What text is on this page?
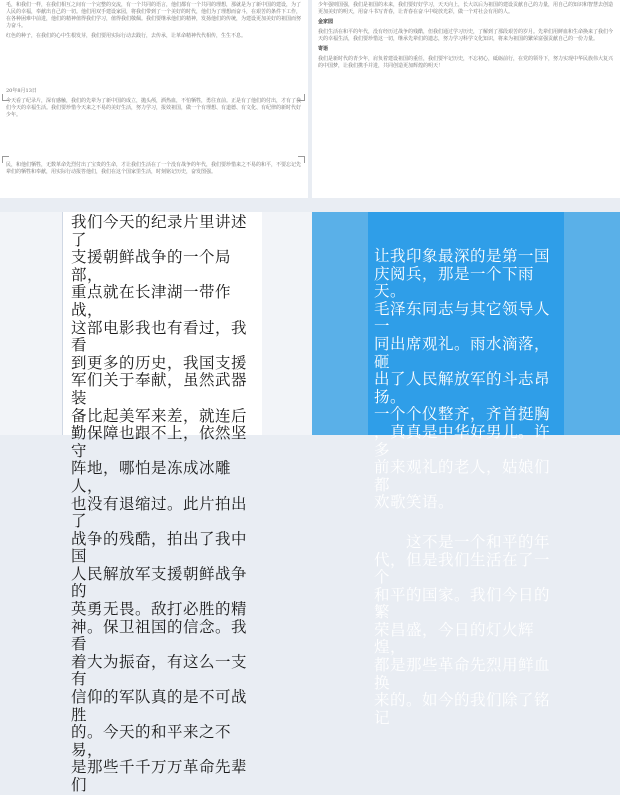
毛，和我们一样，在我们相互之间有一个完整的交流，有一个共同的语言，他们都有一个共同的理想，那就是为了新中国的建设，为了人民的幸福，奉献出自己的一切。他们用双手建设家园，将我们带到了一个美好的时代，他们为了理想而奋斗，在艰苦的条件下工作，在各种困难中前进，他们的精神值得我们学习，值得我们敬佩。我们要继承他们的精神，发扬他们的传统，为建设更加美好的祖国而努力奋斗。

红色的种子，在我们的心中生根发芽，我们要用实际行动去践行，去传承，让革命精神代代相传，生生不息。

20年8月13日

今天看了纪录片，深有感触，我们的先辈为了新中国的成立，抛头颅，洒热血，不怕牺牲，勇往直前。正是有了他们的付出，才有了我们今天的幸福生活。我们要珍惜今天来之不易的美好生活，努力学习，报效祖国，做一个有理想、有道德、有文化、有纪律的新时代好少年。

民，和他们牺牲，无数革命先烈付出了宝贵的生命，才让我们生活在了一个没有战争的年代，我们要珍惜来之不易的和平，不要忘记先辈们的牺牲和奉献，用实际行动报答他们，我们在这个国家里生活，时刻铭记历史，奋发图强。

少年强则国强，我们是祖国的未来，我们要好好学习，天天向上，长大以后为祖国的建设贡献自己的力量，用自己的知识和智慧去创造更加美好的明天，用奋斗书写青春，让青春在奋斗中绽放光彩，做一个对社会有用的人。

金家园

我们生活在和平的年代，没有经历过战争的残酷，但我们通过学习历史，了解到了那段艰苦的岁月。先辈们用鲜血和生命换来了我们今天的幸福生活，我们要珍惜这一切，继承先辈们的遗志，努力学习科学文化知识，将来为祖国的繁荣富强贡献自己的一份力量。

寄语

我们是新时代的青少年，肩负着建设祖国的重任，我们要牢记历史，不忘初心，砥砺前行，在党的领导下，努力实现中华民族伟大复兴的中国梦，让我们携手并进，共同创造更加辉煌的明天！

我们今天的纪录片里讲述了

支援朝鲜战争的一个局部，

重点就在长津湖一带作战，

这部电影我也有看过，我看

到更多的历史，我国支援

军们关于奉献，虽然武器装

备比起美军来差，就连后

勤保障也跟不上，依然坚守

阵地，哪怕是冻成冰雕人，

也没有退缩过。此片拍出了

战争的残酷，拍出了我中国

人民解放军支援朝鲜战争的

英勇无畏。敌打必胜的精

神。保卫祖国的信念。我看

着大为振奋，有这么一支有

信仰的军队真的是不可战胜

的。今天的和平来之不易，

是那些千千万万革命先辈们

让我印象最深的是第一国

庆阅兵，那是一个下雨天。

毛泽东同志与其它领导人一

同出席观礼。雨水滴落，砸

出了人民解放军的斗志昂扬。

一个个仪整齐，齐首挺胸

，真真是中华好男儿。许多

前来观礼的老人，姑娘们都

欢歌笑语。

这不是一个和平的年

代，但是我们生活在了一个

和平的国家。我们今日的繁

荣昌盛，今日的灯火辉煌，

都是那些革命先烈用鲜血换

来的。如今的我们除了铭记
